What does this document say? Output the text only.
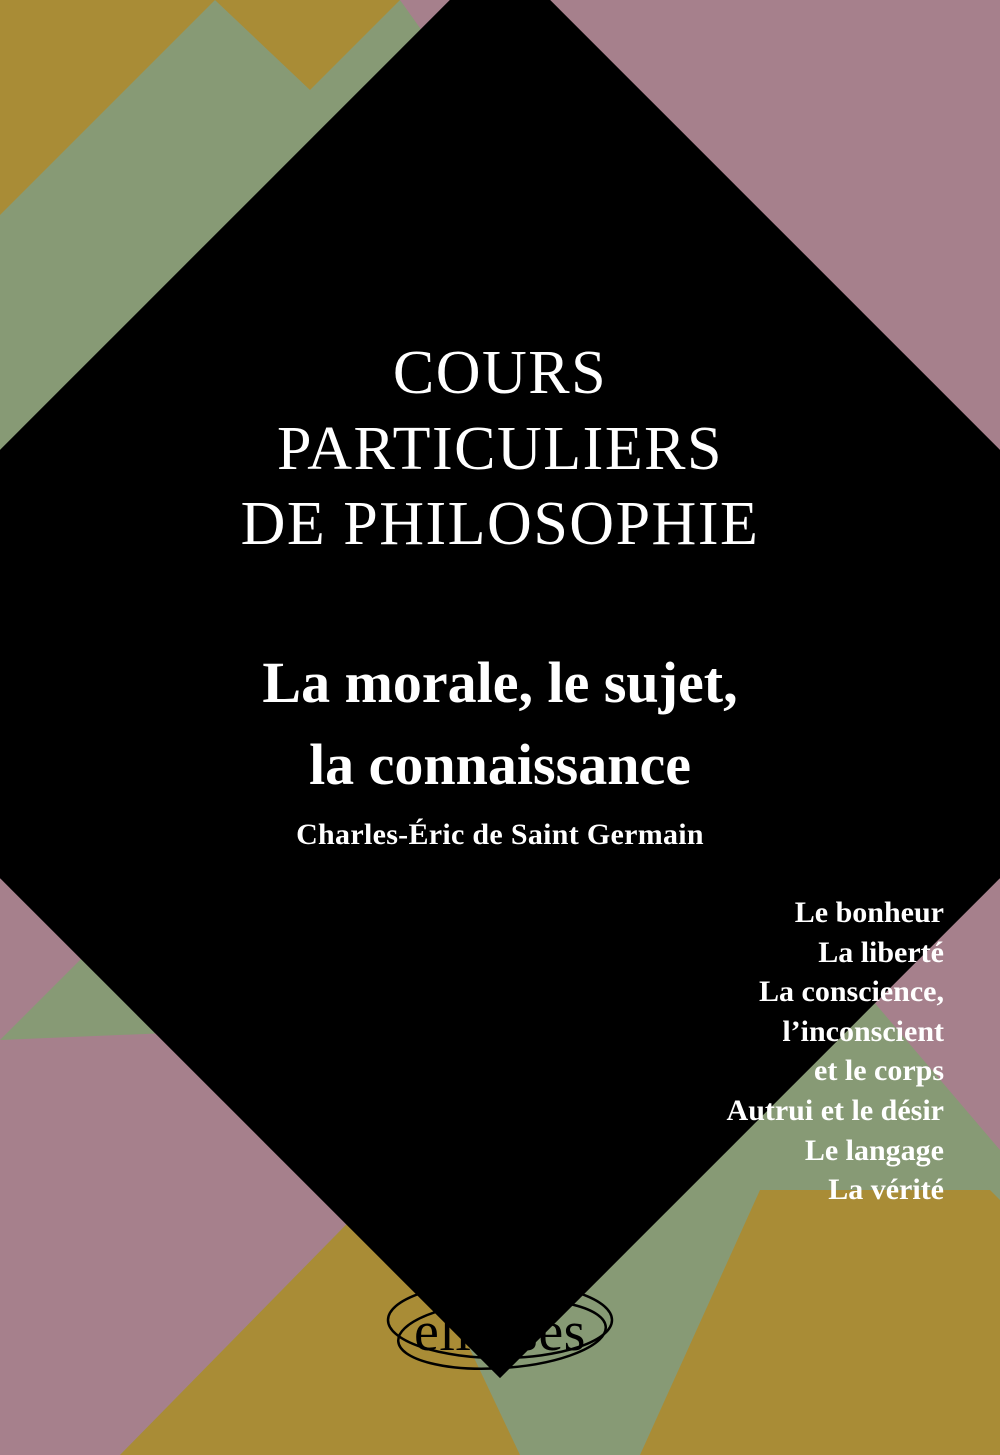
COURS

PARTICULIERS

DE PHILOSOPHIE

La morale, le sujet,

la connaissance

Charles-Éric de Saint Germain
Le bonheur
La liberté
La conscience,
l’inconscient
et le corps
Autrui et le désir
Le langage
La vérité
ellipses
